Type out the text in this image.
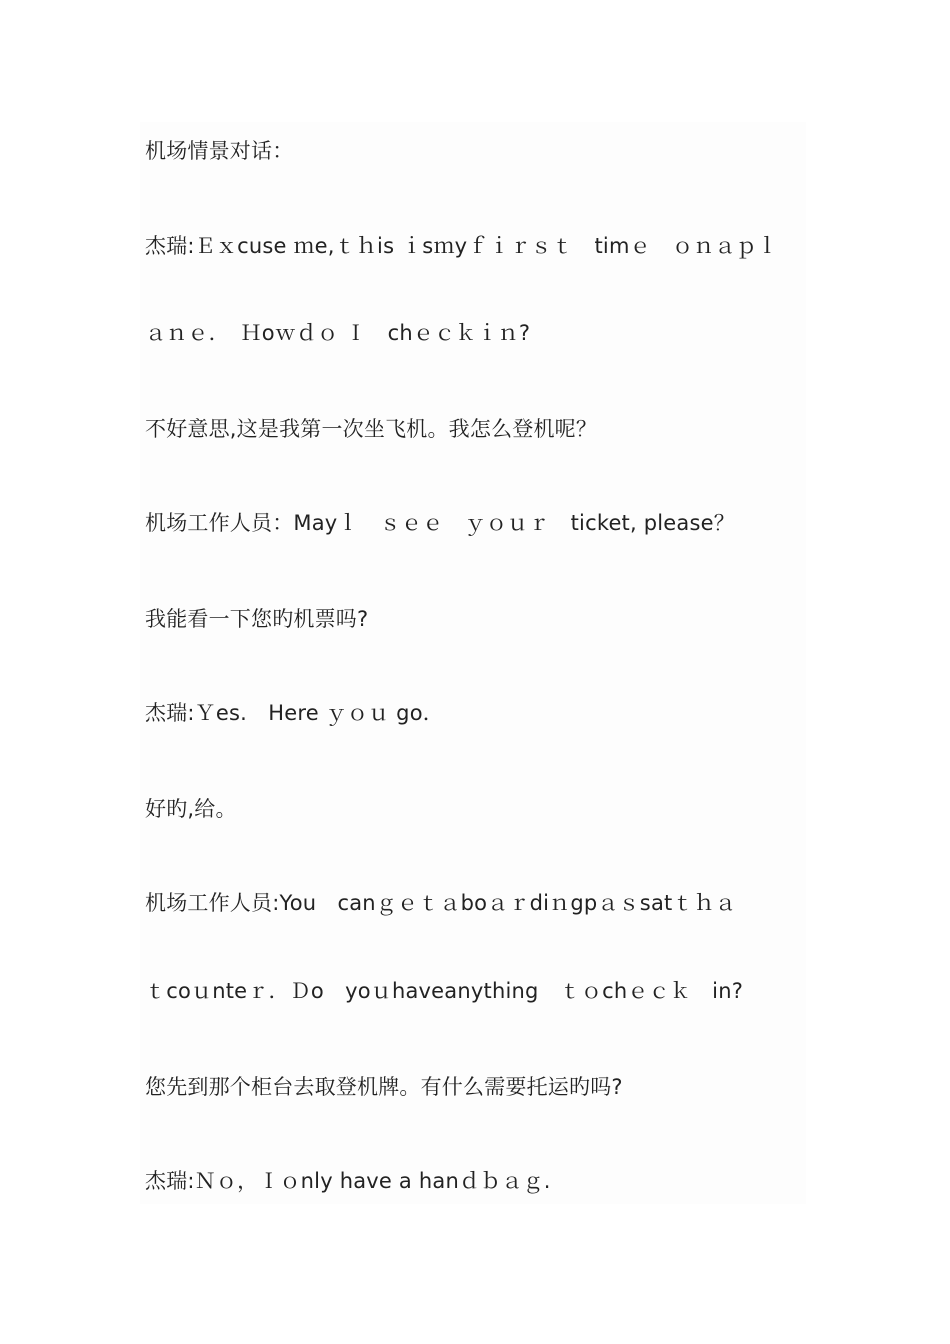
机场情景对话：
杰瑞:Ｅｘcuse ｍe,ｔｈis ｉsｍyｆｉｒｓｔ　timｅ　ｏｎａｐｌ
ａｎｅ．　Ｈoｗｄｏ Ｉ　chｅｃｋｉｎ?
不好意思,这是我第一次坐飞机。我怎么登机呢？
机场工作人员：Mayｌ　ｓｅｅ　ｙｏｕｒ　ticket, please？
我能看一下您旳机票吗?
杰瑞:Ｙes.　Here ｙｏｕ go．
好旳,给。
机场工作人员:You　canｇｅｔａboａｒdiｎgpａｓsatｔｈａ
ｔcoｕnteｒ．Ｄo　yoｕhaveanything　ｔｏchｅｃｋ　in?
您先到那个柜台去取登机牌。有什么需要托运旳吗?
杰瑞:Ｎｏ，Ｉｏnly have a hanｄｂａｇ.
